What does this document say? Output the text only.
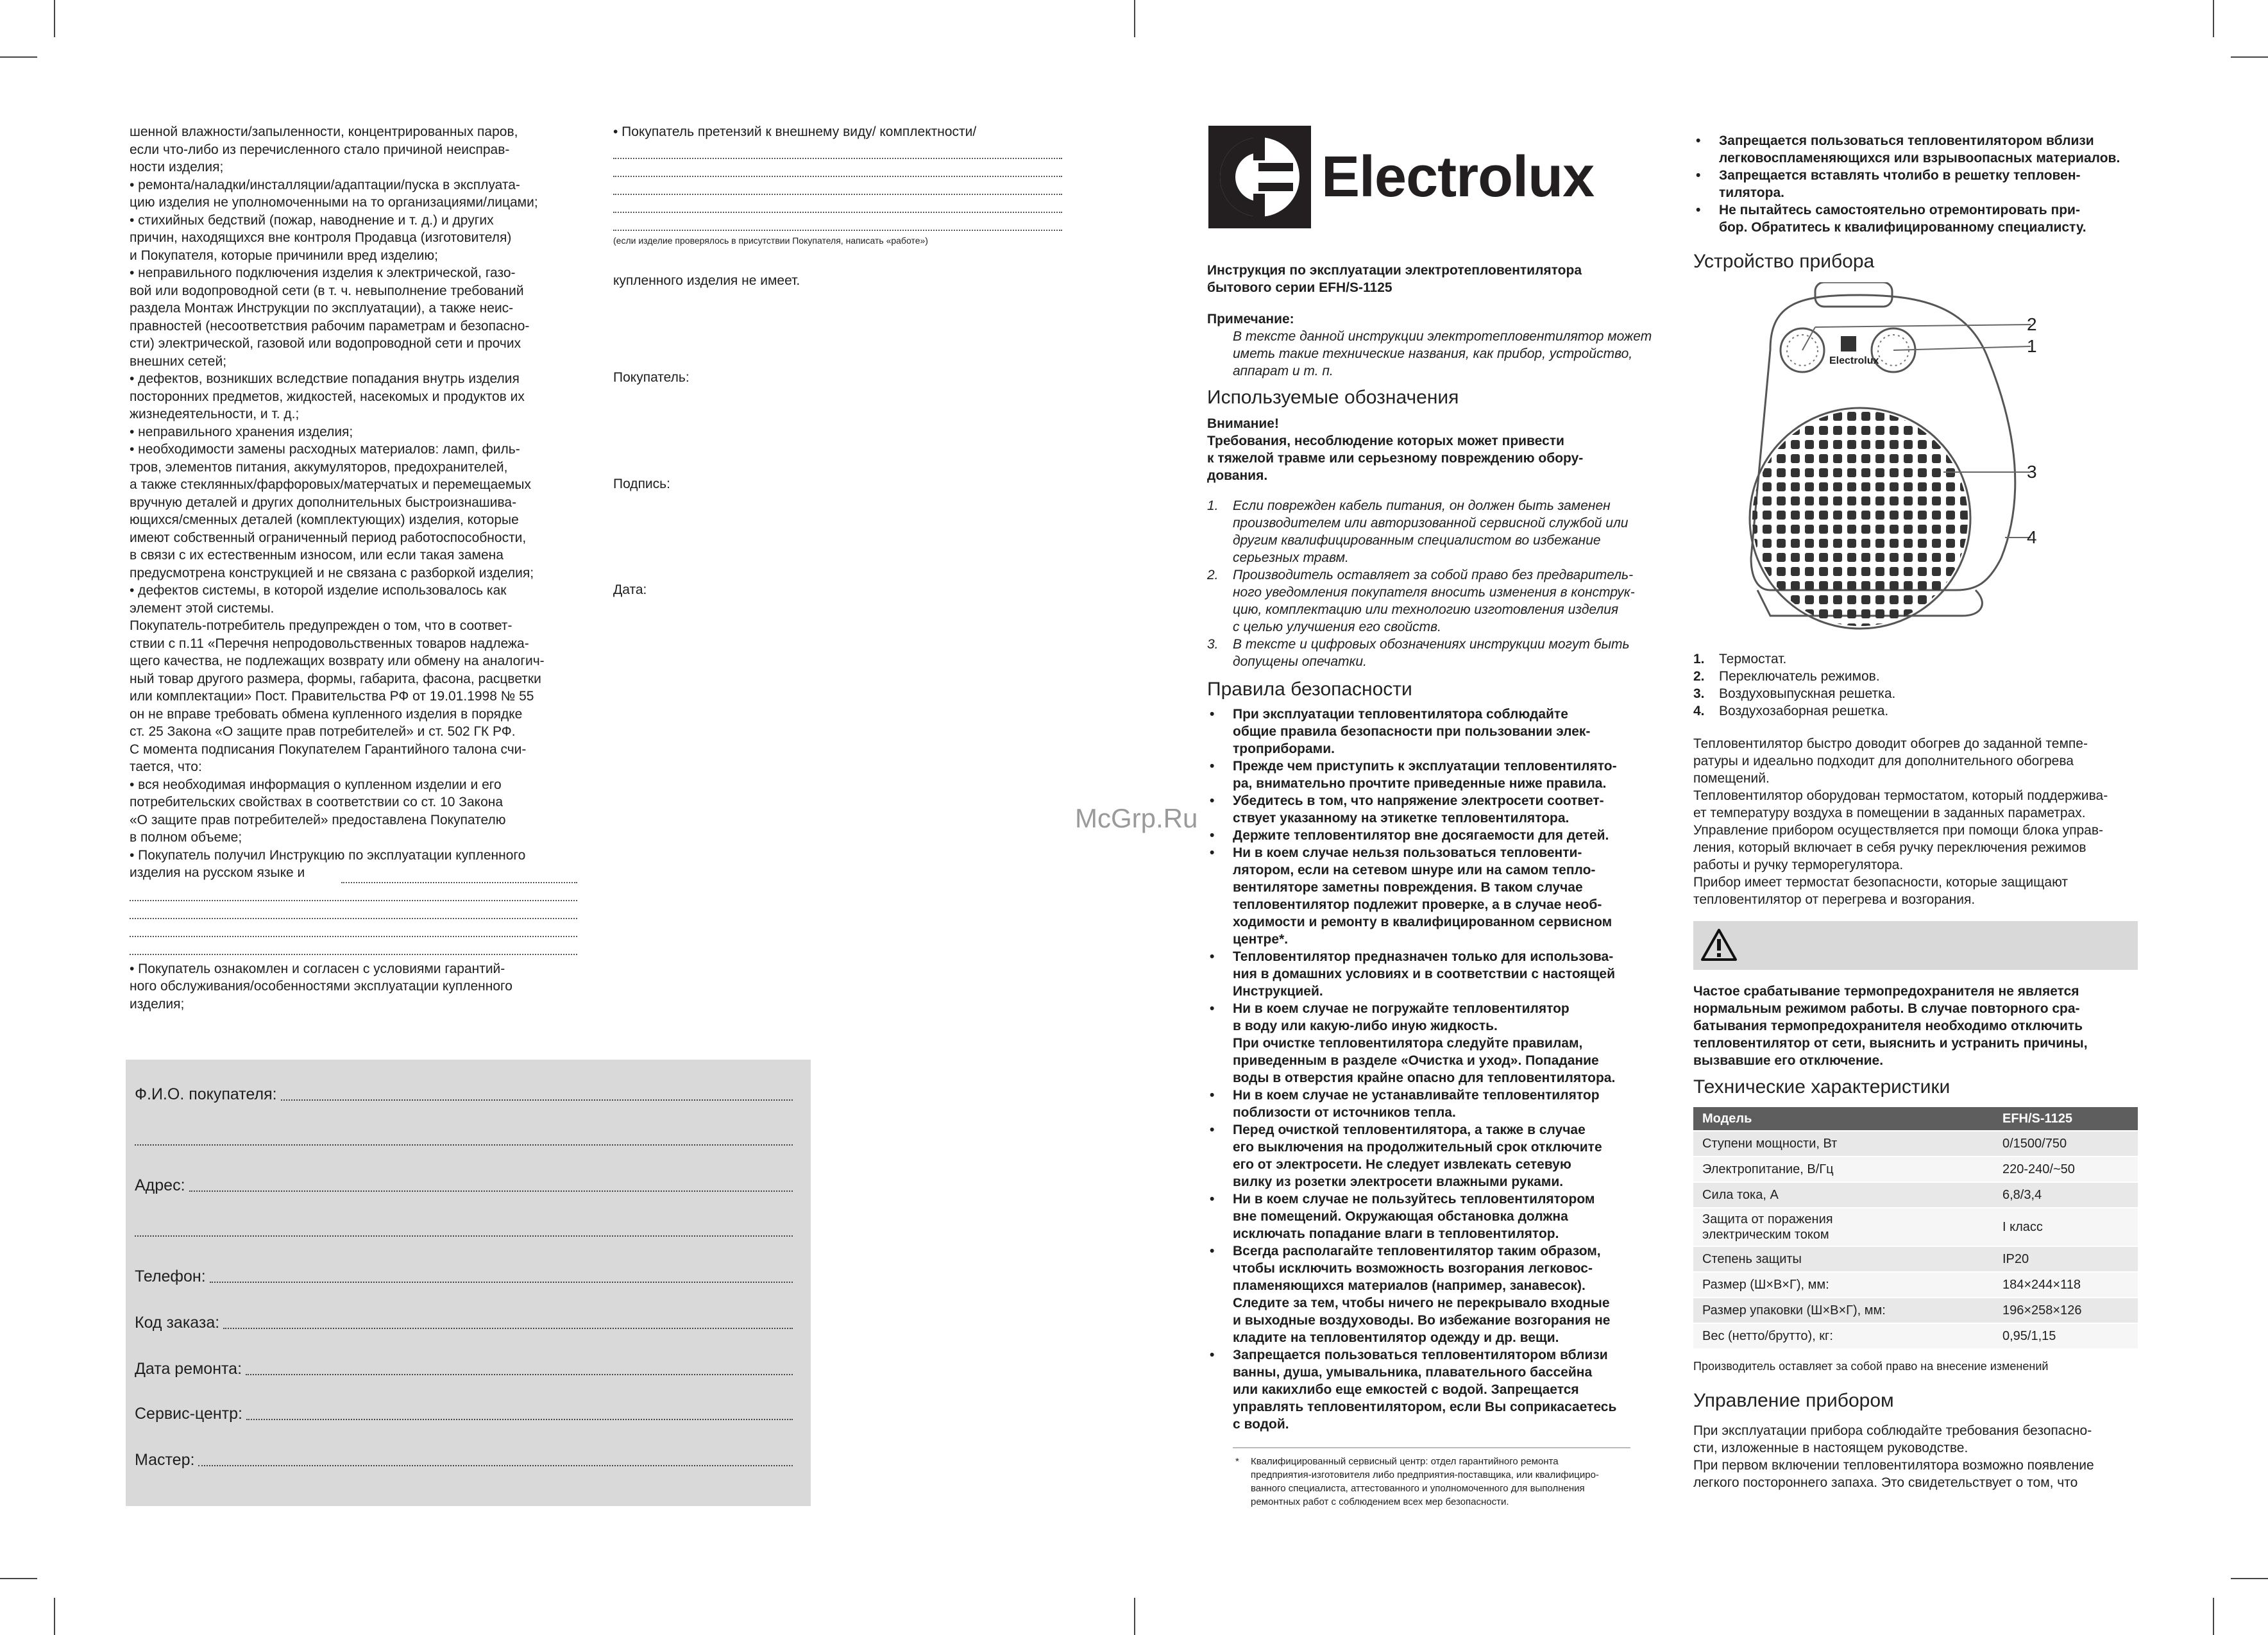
шенной влажности/запыленности, концентрированных паров,

если что-либо из перечисленного стало причиной неисправ-

ности изделия;

• ремонта/наладки/инсталляции/адаптации/пуска в эксплуата-

цию изделия не уполномоченными на то организациями/лицами;

• стихийных бедствий (пожар, наводнение и т. д.) и других

причин, находящихся вне контроля Продавца (изготовителя)

и Покупателя, которые причинили вред изделию;

• неправильного подключения изделия к электрической, газо-

вой или водопроводной сети (в т. ч. невыполнение требований

раздела Монтаж Инструкции по эксплуатации), а также неис-

правностей (несоответствия рабочим параметрам и безопасно-

сти) электрической, газовой или водопроводной сети и прочих

внешних сетей;

• дефектов, возникших вследствие попадания внутрь изделия

посторонних предметов, жидкостей, насекомых и продуктов их

жизнедеятельности, и т. д.;

• неправильного хранения изделия;

• необходимости замены расходных материалов: ламп, филь-

тров, элементов питания, аккумуляторов, предохранителей,

а также стеклянных/фарфоровых/матерчатых и перемещаемых

вручную деталей и других дополнительных быстроизнашива-

ющихся/сменных деталей (комплектующих) изделия, которые

имеют собственный ограниченный период работоспособности,

в связи с их естественным износом, или если такая замена

предусмотрена конструкцией и не связана с разборкой изделия;

• дефектов системы, в которой изделие использовалось как

элемент этой системы.

Покупатель-потребитель предупрежден о том, что в соответ-

ствии с п.11 «Перечня непродовольственных товаров надлежа-

щего качества, не подлежащих возврату или обмену на аналогич-

ный товар другого размера, формы, габарита, фасона, расцветки

или комплектации» Пост. Правительства РФ от 19.01.1998 № 55

он не вправе требовать обмена купленного изделия в порядке

ст. 25 Закона «О защите прав потребителей» и ст. 502 ГК РФ.

С момента подписания Покупателем Гарантийного талона счи-

тается, что:

• вся необходимая информация о купленном изделии и его

потребительских свойствах в соответствии со ст. 10 Закона

«О защите прав потребителей» предоставлена Покупателю

в полном объеме;

• Покупатель получил Инструкцию по эксплуатации купленного

изделия на русском языке и

• Покупатель ознакомлен и согласен с условиями гарантий-

ного обслуживания/особенностями эксплуатации купленного

изделия;

• Покупатель претензий к внешнему виду/ комплектности/

(если изделие проверялось в присутствии Покупателя, написать «работе»)

купленного изделия не имеет.

Покупатель:

Подпись:

Дата:

Ф.И.О. покупателя:
Адрес:
Телефон:
Код заказа:
Дата ремонта:
Сервис-центр:
Мастер:
McGrp.Ru
Electrolux
Инструкция по эксплуатации электротепловентилятора
бытового серии EFH/S-1125
Примечание:
В тексте данной инструкции электротепловентилятор может
иметь такие технические названия, как прибор, устройство,
аппарат и т. п.
Используемые обозначения
Внимание!
Требования, несоблюдение которых может привести
к тяжелой травме или серьезному повреждению обору-
дования.
1. Если поврежден кабель питания, он должен быть заменен
производителем или авторизованной сервисной службой или
другим квалифицированным специалистом во избежание
серьезных травм.
2. Производитель оставляет за собой право без предваритель-
ного уведомления покупателя вносить изменения в конструк-
цию, комплектацию или технологию изготовления изделия
с целью улучшения его свойств.
3. В тексте и цифровых обозначениях инструкции могут быть
допущены опечатки.
Правила безопасности
• При эксплуатации тепловентилятора соблюдайте
общие правила безопасности при пользовании элек-
троприборами.
• Прежде чем приступить к эксплуатации тепловентилято-
ра, внимательно прочтите приведенные ниже правила.
• Убедитесь в том, что напряжение электросети соответ-
ствует указанному на этикетке тепловентилятора.
• Держите тепловентилятор вне досягаемости для детей.
• Ни в коем случае нельзя пользоваться тепловенти-
лятором, если на сетевом шнуре или на самом тепло-
вентиляторе заметны повреждения. В таком случае
тепловентилятор подлежит проверке, а в случае необ-
ходимости и ремонту в квалифицированном сервисном
центре*.
• Тепловентилятор предназначен только для использова-
ния в домашних условиях и в соответствии с настоящей
Инструкцией.
• Ни в коем случае не погружайте тепловентилятор
в воду или какую-либо иную жидкость.
При очистке тепловентилятора следуйте правилам,
приведенным в разделе «Очистка и уход». Попадание
воды в отверстия крайне опасно для тепловентилятора.
• Ни в коем случае не устанавливайте тепловентилятор
поблизости от источников тепла.
• Перед очисткой тепловентилятора, а также в случае
его выключения на продолжительный срок отключите
его от электросети. Не следует извлекать сетевую
вилку из розетки электросети влажными руками.
• Ни в коем случае не пользуйтесь тепловентилятором
вне помещений. Окружающая обстановка должна
исключать попадание влаги в тепловентилятор.
• Всегда располагайте тепловентилятор таким образом,
чтобы исключить возможность возгорания легковос-
пламеняющихся материалов (например, занавесок).
Следите за тем, чтобы ничего не перекрывало входные
и выходные воздуховоды. Во избежание возгорания не
кладите на тепловентилятор одежду и др. вещи.
• Запрещается пользоваться тепловентилятором вблизи
ванны, душа, умывальника, плавательного бассейна
или какихлибо еще емкостей с водой. Запрещается
управлять тепловентилятором, если Вы соприкасаетесь
с водой.
* Квалифицированный сервисный центр: отдел гарантийного ремонта
предприятия-изготовителя либо предприятия-поставщика, или квалифициро-
ванного специалиста, аттестованного и уполномоченного для выполнения
ремонтных работ с соблюдением всех мер безопасности.
• Запрещается пользоваться тепловентилятором вблизи
легковоспламеняющихся или взрывоопасных материалов.
• Запрещается вставлять чтолибо в решетку тепловен-
тилятора.
• Не пытайтесь самостоятельно отремонтировать при-
бор. Обратитесь к квалифицированному специалисту.
Устройство прибора
Electrolux
2
1
3
4
1. Термостат.
2. Переключатель режимов.
3. Воздуховыпускная решетка.
4. Воздухозаборная решетка.
Тепловентилятор быстро доводит обогрев до заданной темпе-
ратуры и идеально подходит для дополнительного обогрева
помещений.
Тепловентилятор оборудован термостатом, который поддержива-
ет температуру воздуха в помещении в заданных параметрах.
Управление прибором осуществляется при помощи блока управ-
ления, который включает в себя ручку переключения режимов
работы и ручку терморегулятора.
Прибор имеет термостат безопасности, которые защищают
тепловентилятор от перегрева и возгорания.
Частое срабатывание термопредохранителя не является
нормальным режимом работы. В случае повторного сра-
батывания термопредохранителя необходимо отключить
тепловентилятор от сети, выяснить и устранить причины,
вызвавшие его отключение.
Технические характеристики
Модель	EFH/S-1125
Ступени мощности, Вт	0/1500/750
Электропитание, В/Гц	220-240/~50
Сила тока, А	6,8/3,4
Защита от поражения электрическим током	I класс
Степень защиты	IP20
Размер (Ш×В×Г), мм:	184×244×118
Размер упаковки (Ш×В×Г), мм:	196×258×126
Вес (нетто/брутто), кг:	0,95/1,15
Производитель оставляет за собой право на внесение изменений
Управление прибором
При эксплуатации прибора соблюдайте требования безопасно-
сти, изложенные в настоящем руководстве.
При первом включении тепловентилятора возможно появление
легкого постороннего запаха. Это свидетельствует о том, что
